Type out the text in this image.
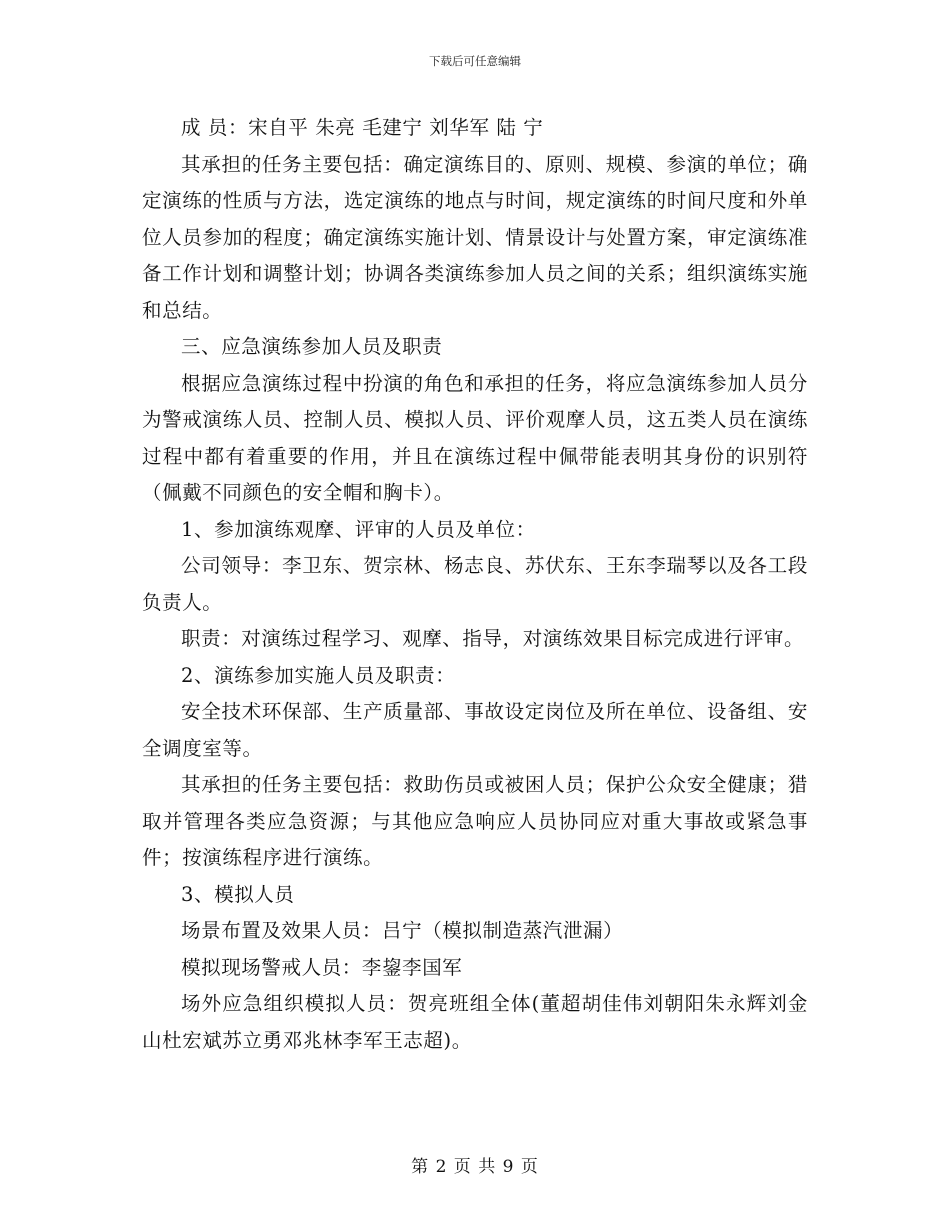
下载后可任意编辑

成 员：宋自平 朱亮 毛建宁 刘华军 陆 宁

其承担的任务主要包括：确定演练目的、原则、规模、参演的单位；确定演练的性质与方法，选定演练的地点与时间，规定演练的时间尺度和外单位人员参加的程度；确定演练实施计划、情景设计与处置方案，审定演练准备工作计划和调整计划；协调各类演练参加人员之间的关系；组织演练实施和总结。

三、应急演练参加人员及职责

根据应急演练过程中扮演的角色和承担的任务，将应急演练参加人员分为警戒演练人员、控制人员、模拟人员、评价观摩人员，这五类人员在演练过程中都有着重要的作用，并且在演练过程中佩带能表明其身份的识别符（佩戴不同颜色的安全帽和胸卡）。

1、参加演练观摩、评审的人员及单位：

公司领导：李卫东、贺宗林、杨志良、苏伏东、王东李瑞琴以及各工段负责人。

职责：对演练过程学习、观摩、指导，对演练效果目标完成进行评审。

2、演练参加实施人员及职责：

安全技术环保部、生产质量部、事故设定岗位及所在单位、设备组、安全调度室等。

其承担的任务主要包括：救助伤员或被困人员；保护公众安全健康；猎取并管理各类应急资源；与其他应急响应人员协同应对重大事故或紧急事件；按演练程序进行演练。

3、模拟人员

场景布置及效果人员：吕宁（模拟制造蒸汽泄漏）

模拟现场警戒人员：李鋆李国军

场外应急组织模拟人员：贺亮班组全体(董超胡佳伟刘朝阳朱永辉刘金山杜宏斌苏立勇邓兆林李军王志超)。

第 2 页 共 9 页
